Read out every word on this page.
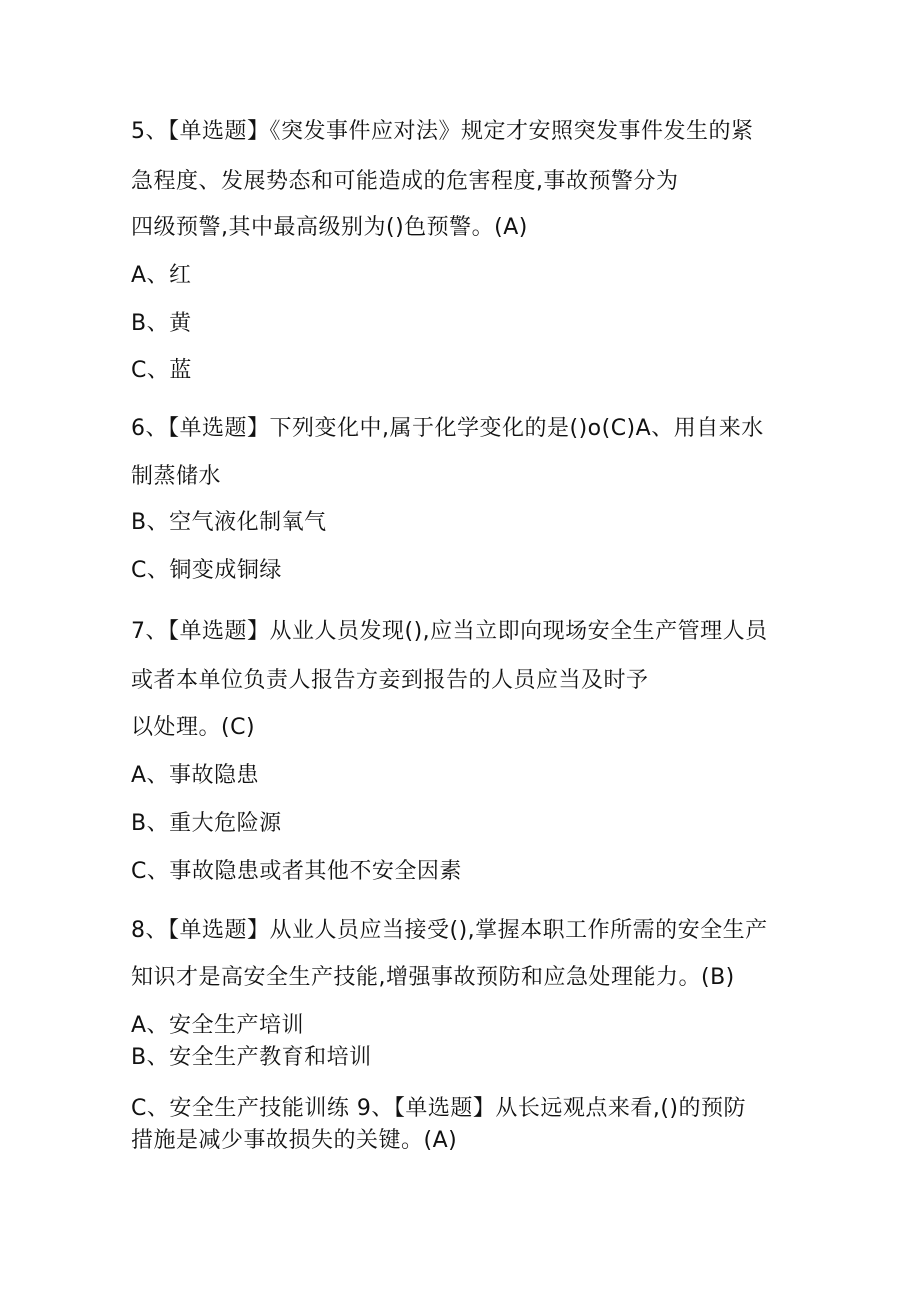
5、【单选题】《突发事件应对法》规定才安照突发事件发生的紧
急程度、发展势态和可能造成的危害程度,事故预警分为
四级预警,其中最高级别为()色预警。(A)
A、红
B、黄
C、蓝
6、【单选题】下列变化中,属于化学变化的是()o(C)A、用自来水
制蒸储水
B、空气液化制氧气
C、铜变成铜绿
7、【单选题】从业人员发现(),应当立即向现场安全生产管理人员
或者本单位负责人报告方妾到报告的人员应当及时予
以处理。(C)
A、事故隐患
B、重大危险源
C、事故隐患或者其他不安全因素
8、【单选题】从业人员应当接受(),掌握本职工作所需的安全生产
知识才是高安全生产技能,增强事故预防和应急处理能力。(B)
A、安全生产培训
B、安全生产教育和培训
C、安全生产技能训练 9、【单选题】从长远观点来看,()的预防
措施是减少事故损失的关键。(A)
